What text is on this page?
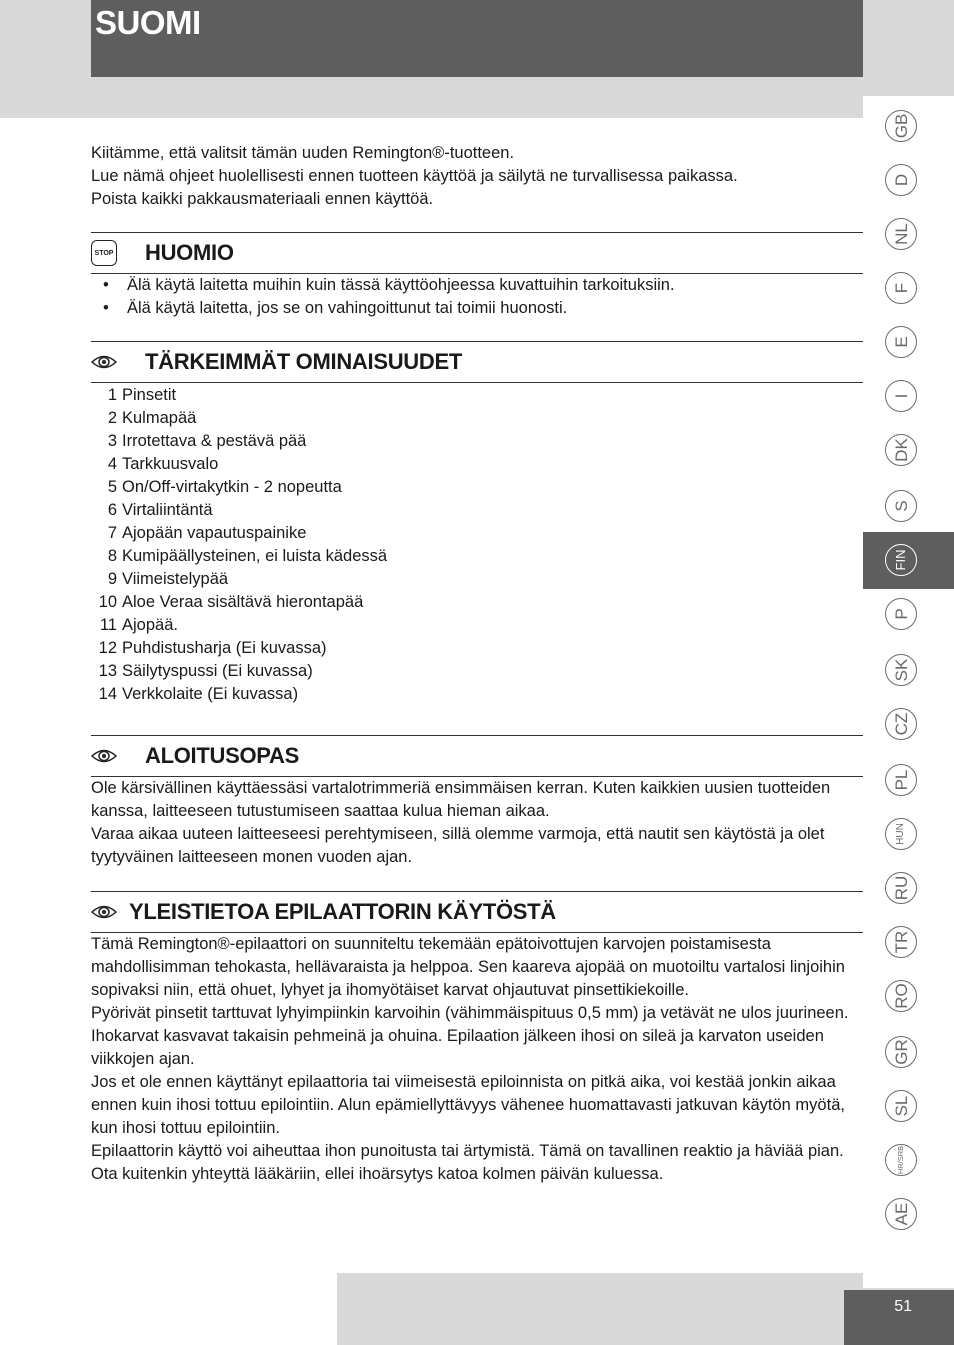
SUOMI
GB
D
NL
F
E
I
DK
S
FIN
P
SK
CZ
PL
HUN
RU
TR
RO
GR
SL
HR/SRB
AE

Kiitämme, että valitsit tämän uuden Remington®-tuotteen.

Lue nämä ohjeet huolellisesti ennen tuotteen käyttöä ja säilytä ne turvallisessa paikassa.

Poista kaikki pakkausmateriaali ennen käyttöä.

STOP HUOMIO
• Älä käytä laitetta muihin kuin tässä käyttöohjeessa kuvattuihin tarkoituksiin.
• Älä käytä laitetta, jos se on vahingoittunut tai toimii huonosti.
TÄRKEIMMÄT OMINAISUUDET
1 Pinsetit
2 Kulmapää
3 Irrotettava & pestävä pää
4 Tarkkuusvalo
5 On/Off-virtakytkin - 2 nopeutta
6 Virtaliintäntä
7 Ajopään vapautuspainike
8 Kumipäällysteinen, ei luista kädessä
9 Viimeistelypää
10 Aloe Veraa sisältävä hierontapää
11 Ajopää.
12 Puhdistusharja (Ei kuvassa)
13 Säilytyspussi (Ei kuvassa)
14 Verkkolaite (Ei kuvassa)
ALOITUSOPAS

Ole kärsivällinen käyttäessäsi vartalotrimmeriä ensimmäisen kerran. Kuten kaikkien uusien tuotteiden kanssa, laitteeseen tutustumiseen saattaa kulua hieman aikaa.

Varaa aikaa uuteen laitteeseesi perehtymiseen, sillä olemme varmoja, että nautit sen käytöstä ja olet tyytyväinen laitteeseen monen vuoden ajan.

YLEISTIETOA EPILAATTORIN KÄYTÖSTÄ

Tämä Remington®-epilaattori on suunniteltu tekemään epätoivottujen karvojen poistamisesta mahdollisimman tehokasta, hellävaraista ja helppoa. Sen kaareva ajopää on muotoiltu vartalosi linjoihin sopivaksi niin, että ohuet, lyhyet ja ihomyötäiset karvat ohjautuvat pinsettikiekoille.

Pyörivät pinsetit tarttuvat lyhyimpiinkin karvoihin (vähimmäispituus 0,5 mm) ja vetävät ne ulos juurineen.

Ihokarvat kasvavat takaisin pehmeinä ja ohuina. Epilaation jälkeen ihosi on sileä ja karvaton useiden viikkojen ajan.

Jos et ole ennen käyttänyt epilaattoria tai viimeisestä epiloinnista on pitkä aika, voi kestää jonkin aikaa ennen kuin ihosi tottuu epilointiin. Alun epämiellyttävyys vähenee huomattavasti jatkuvan käytön myötä, kun ihosi tottuu epilointiin.

Epilaattorin käyttö voi aiheuttaa ihon punoitusta tai ärtymistä. Tämä on tavallinen reaktio ja häviää pian.

Ota kuitenkin yhteyttä lääkäriin, ellei ihoärsytys katoa kolmen päivän kuluessa.

51
